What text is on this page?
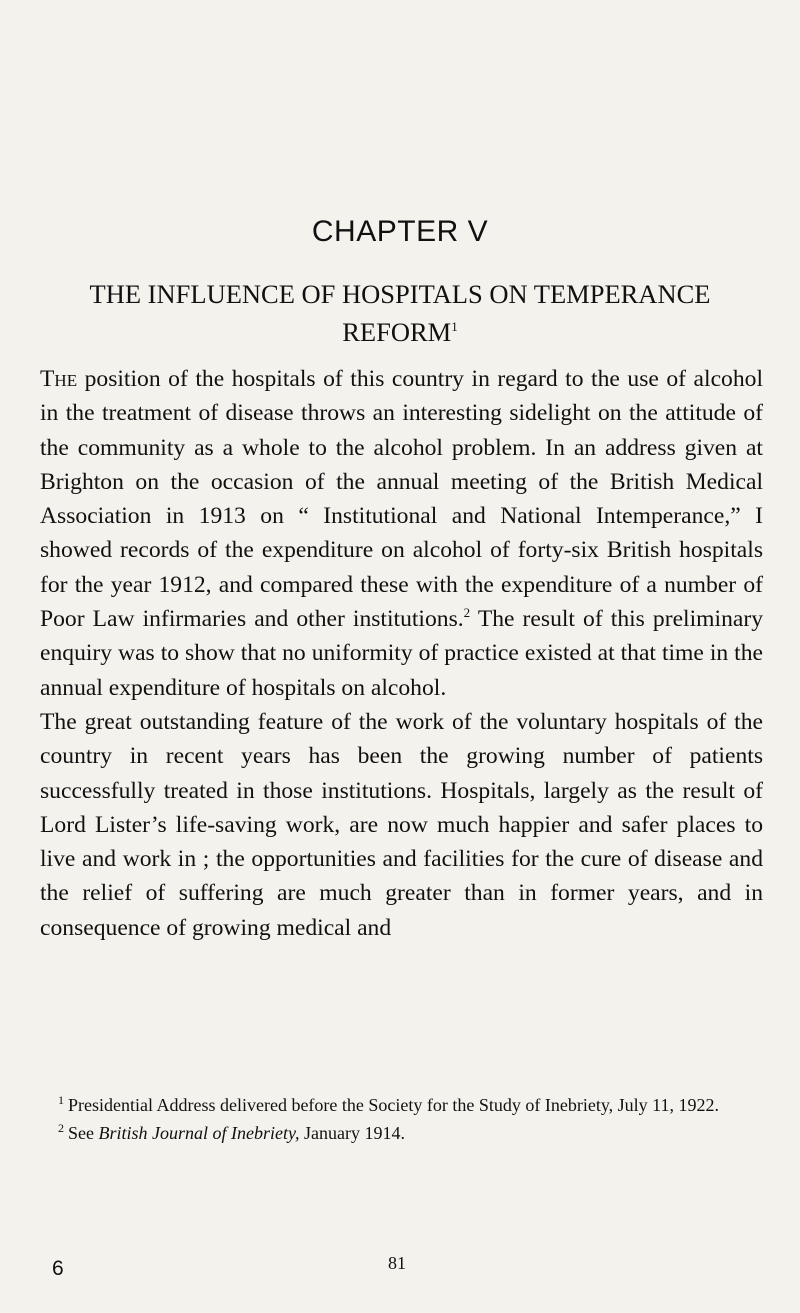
CHAPTER V
THE INFLUENCE OF HOSPITALS ON TEMPERANCE REFORM$^1$

The position of the hospitals of this country in regard to the use of alcohol in the treatment of disease throws an interesting sidelight on the attitude of the community as a whole to the alcohol problem. In an address given at Brighton on the occasion of the annual meeting of the British Medical Association in 1913 on “ Institutional and National Intemperance,” I showed records of the expenditure on alcohol of forty-six British hospitals for the year 1912, and compared these with the expenditure of a number of Poor Law infirmaries and other institutions.$^2$ The result of this preliminary enquiry was to show that no uniformity of practice existed at that time in the annual expenditure of hospitals on alcohol.

The great outstanding feature of the work of the voluntary hospitals of the country in recent years has been the growing number of patients successfully treated in those institutions. Hospitals, largely as the result of Lord Lister’s life-saving work, are now much happier and safer places to live and work in ; the opportunities and facilities for the cure of disease and the relief of suffering are much greater than in former years, and in consequence of growing medical and

$^1$ Presidential Address delivered before the Society for the Study of Inebriety, July 11, 1922.

$^2$ See British Journal of Inebriety, January 1914.

6	81
